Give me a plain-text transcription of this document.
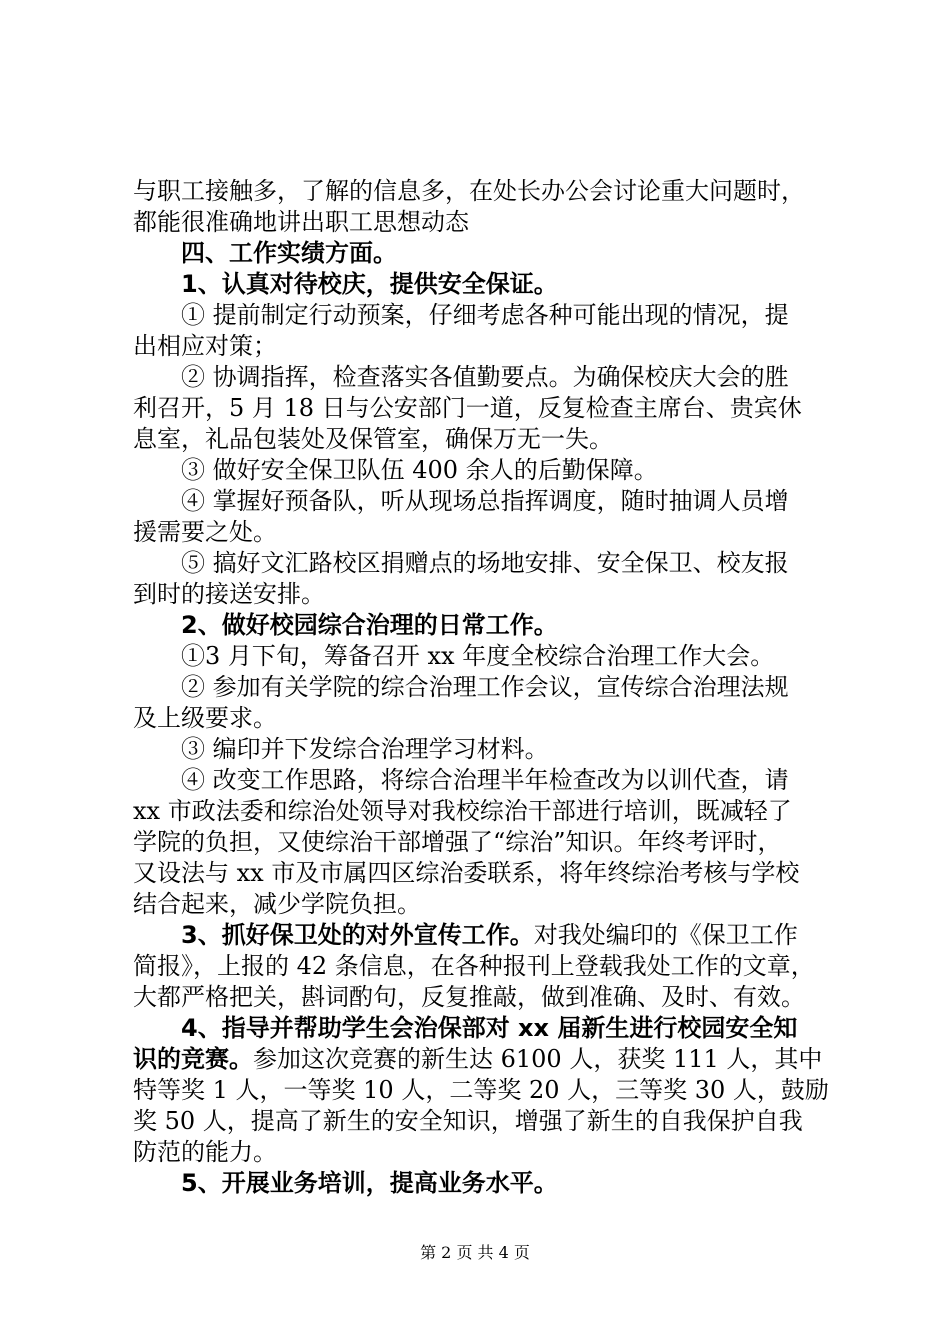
与职工接触多，了解的信息多，在处长办公会讨论重大问题时，
都能很准确地讲出职工思想动态

四、工作实绩方面。

1、认真对待校庆，提供安全保证。

① 提前制定行动预案，仔细考虑各种可能出现的情况，提
出相应对策；

② 协调指挥，检查落实各值勤要点。为确保校庆大会的胜
利召开，5 月 18 日与公安部门一道，反复检查主席台、贵宾休
息室，礼品包装处及保管室，确保万无一失。

③ 做好安全保卫队伍 400 余人的后勤保障。

④ 掌握好预备队，听从现场总指挥调度，随时抽调人员增
援需要之处。

⑤ 搞好文汇路校区捐赠点的场地安排、安全保卫、校友报
到时的接送安排。

2、做好校园综合治理的日常工作。

①3 月下旬，筹备召开 xx 年度全校综合治理工作大会。

② 参加有关学院的综合治理工作会议，宣传综合治理法规
及上级要求。

③ 编印并下发综合治理学习材料。

④ 改变工作思路，将综合治理半年检查改为以训代查，请
xx 市政法委和综治处领导对我校综治干部进行培训，既减轻了
学院的负担，又使综治干部增强了“综治”知识。年终考评时，
又设法与 xx 市及市属四区综治委联系，将年终综治考核与学校
结合起来，减少学院负担。

3、抓好保卫处的对外宣传工作。对我处编印的《保卫工作
简报》，上报的 42 条信息，在各种报刊上登载我处工作的文章，
大都严格把关，斟词酌句，反复推敲，做到准确、及时、有效。

4、指导并帮助学生会治保部对 xx 届新生进行校园安全知
识的竞赛。参加这次竞赛的新生达 6100 人，获奖 111 人，其中
特等奖 1 人，一等奖 10 人，二等奖 20 人，三等奖 30 人，鼓励
奖 50 人，提高了新生的安全知识，增强了新生的自我保护自我
防范的能力。

5、开展业务培训，提高业务水平。

第 2 页 共 4 页
